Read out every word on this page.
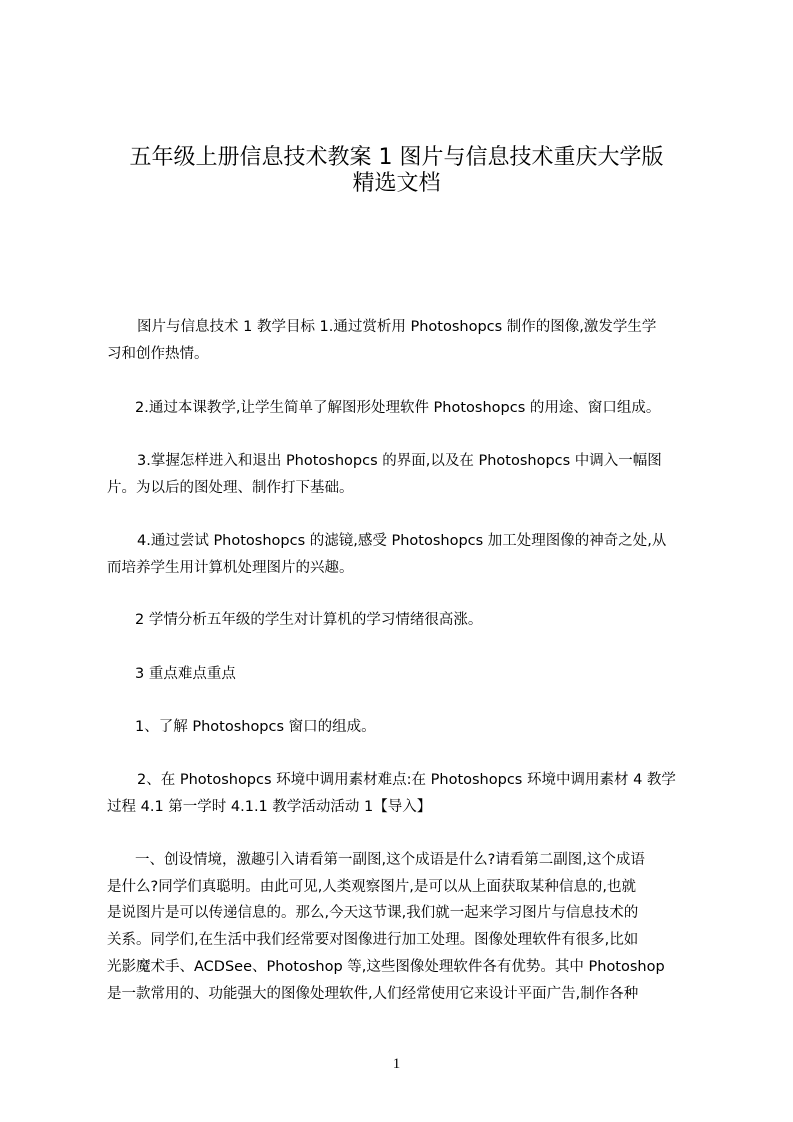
五年级上册信息技术教案 1 图片与信息技术重庆大学版
精选文档
图片与信息技术 1 教学目标 1.通过赏析用 Photoshopcs 制作的图像,激发学生学
习和创作热情。
2.通过本课教学,让学生简单了解图形处理软件 Photoshopcs 的用途、窗口组成。
3.掌握怎样进入和退出 Photoshopcs 的界面,以及在 Photoshopcs 中调入一幅图
片。为以后的图处理、制作打下基础。
4.通过尝试 Photoshopcs 的滤镜,感受 Photoshopcs 加工处理图像的神奇之处,从
而培养学生用计算机处理图片的兴趣。
2 学情分析五年级的学生对计算机的学习情绪很高涨。
3 重点难点重点
1、了解 Photoshopcs 窗口的组成。
2、在 Photoshopcs 环境中调用素材难点:在 Photoshopcs 环境中调用素材 4 教学
过程 4.1 第一学时 4.1.1 教学活动活动 1【导入】
一、创设情境，激趣引入请看第一副图,这个成语是什么?请看第二副图,这个成语
是什么?同学们真聪明。由此可见,人类观察图片,是可以从上面获取某种信息的,也就
是说图片是可以传递信息的。那么,今天这节课,我们就一起来学习图片与信息技术的
关系。同学们,在生活中我们经常要对图像进行加工处理。图像处理软件有很多,比如
光影魔术手、ACDSee、Photoshop 等,这些图像处理软件各有优势。其中 Photoshop
是一款常用的、功能强大的图像处理软件,人们经常使用它来设计平面广告,制作各种
1
